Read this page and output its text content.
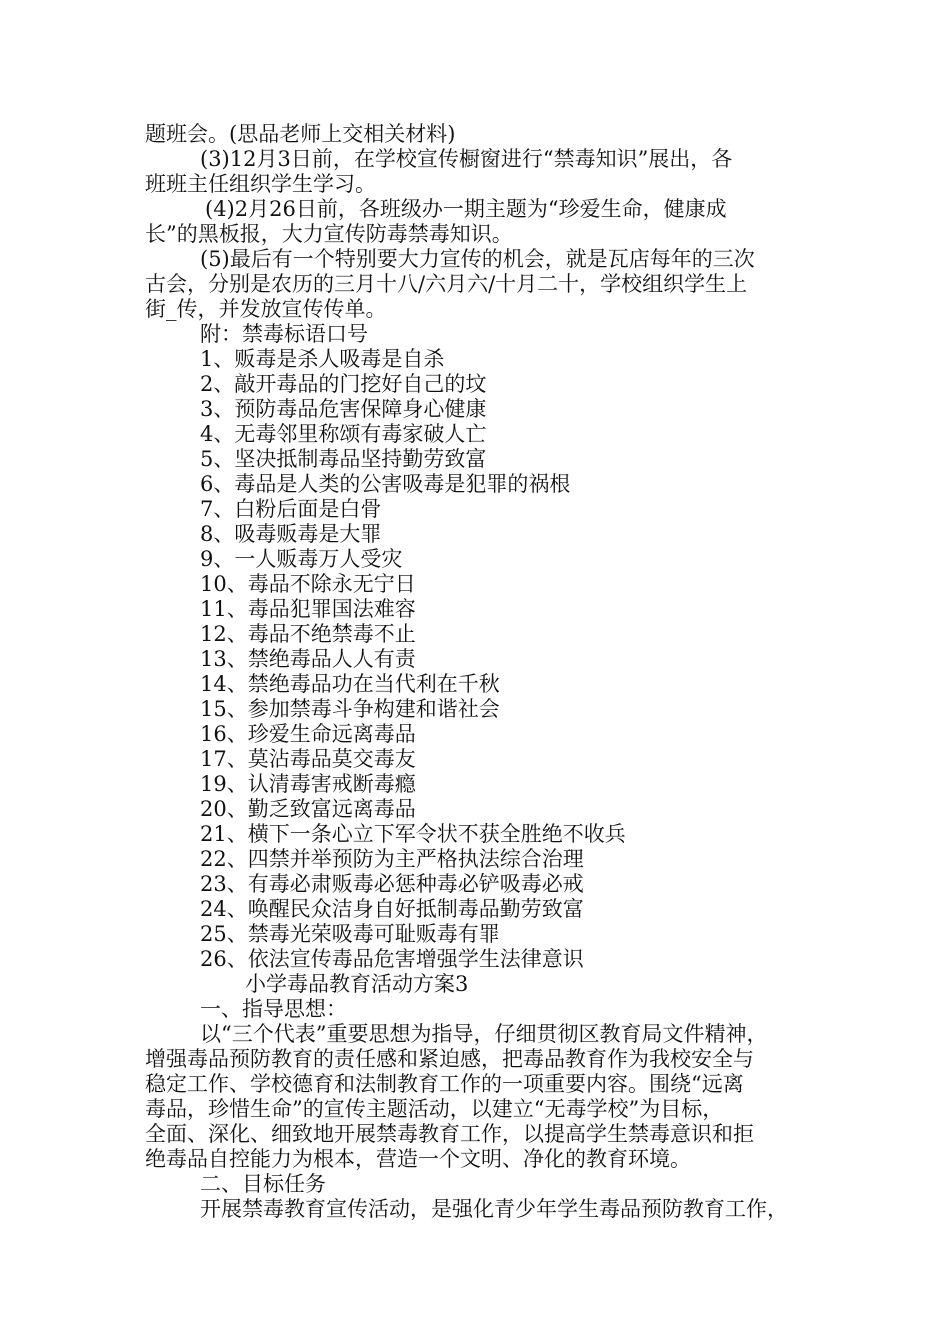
题班会。(思品老师上交相关材料)
(3)12月3日前，在学校宣传橱窗进行“禁毒知识”展出，各
班班主任组织学生学习。
(4)2月26日前，各班级办一期主题为“珍爱生命，健康成
长”的黑板报，大力宣传防毒禁毒知识。
(5)最后有一个特别要大力宣传的机会，就是瓦店每年的三次
古会，分别是农历的三月十八/六月六/十月二十，学校组织学生上
街_传，并发放宣传传单。
附：禁毒标语口号
1、贩毒是杀人吸毒是自杀
2、敲开毒品的门挖好自己的坟
3、预防毒品危害保障身心健康
4、无毒邻里称颂有毒家破人亡
5、坚决抵制毒品坚持勤劳致富
6、毒品是人类的公害吸毒是犯罪的祸根
7、白粉后面是白骨
8、吸毒贩毒是大罪
9、一人贩毒万人受灾
10、毒品不除永无宁日
11、毒品犯罪国法难容
12、毒品不绝禁毒不止
13、禁绝毒品人人有责
14、禁绝毒品功在当代利在千秋
15、参加禁毒斗争构建和谐社会
16、珍爱生命远离毒品
17、莫沾毒品莫交毒友
19、认清毒害戒断毒瘾
20、勤乏致富远离毒品
21、横下一条心立下军令状不获全胜绝不收兵
22、四禁并举预防为主严格执法综合治理
23、有毒必肃贩毒必惩种毒必铲吸毒必戒
24、唤醒民众洁身自好抵制毒品勤劳致富
25、禁毒光荣吸毒可耻贩毒有罪
26、依法宣传毒品危害增强学生法律意识
小学毒品教育活动方案3
一、指导思想：
以“三个代表”重要思想为指导，仔细贯彻区教育局文件精神，
增强毒品预防教育的责任感和紧迫感，把毒品教育作为我校安全与
稳定工作、学校德育和法制教育工作的一项重要内容。围绕“远离
毒品，珍惜生命”的宣传主题活动，以建立“无毒学校”为目标，
全面、深化、细致地开展禁毒教育工作，以提高学生禁毒意识和拒
绝毒品自控能力为根本，营造一个文明、净化的教育环境。
二、目标任务
开展禁毒教育宣传活动，是强化青少年学生毒品预防教育工作，
